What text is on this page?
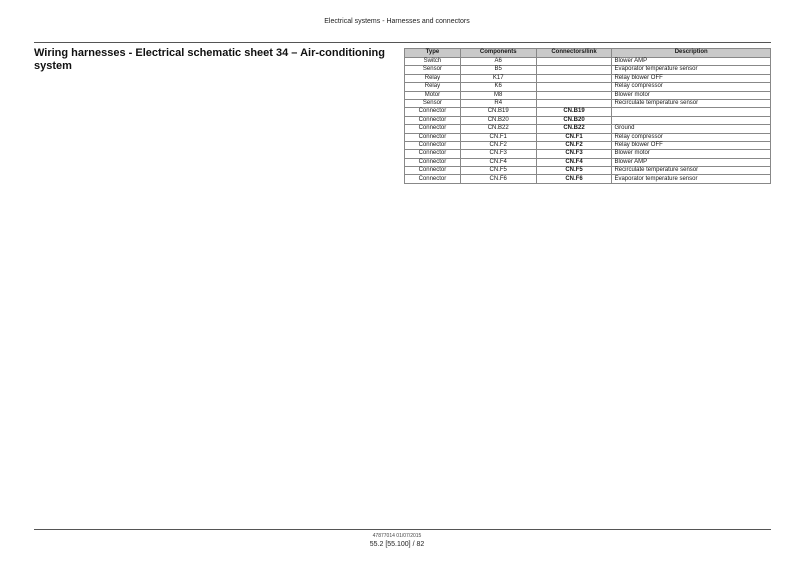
Electrical systems - Harnesses and connectors
Wiring harnesses - Electrical schematic sheet 34 – Air-conditioning system
Type	Components	Connectors/link	Description
Switch	A6		Blower AMP
Sensor	B5		Evaporator temperature sensor
Relay	K17		Relay blower OFF
Relay	K6		Relay compressor
Motor	M8		Blower motor
Sensor	R4		Recirculate temperature sensor
Connector	CN.B19	CN.B19	
Connector	CN.B20	CN.B20	
Connector	CN.B22	CN.B22	Ground
Connector	CN.F1	CN.F1	Relay compressor
Connector	CN.F2	CN.F2	Relay blower OFF
Connector	CN.F3	CN.F3	Blower motor
Connector	CN.F4	CN.F4	Blower AMP
Connector	CN.F5	CN.F5	Recirculate temperature sensor
Connector	CN.F6	CN.F6	Evaporator temperature sensor
47877014 01/07/2015
55.2 [55.100] / 82
